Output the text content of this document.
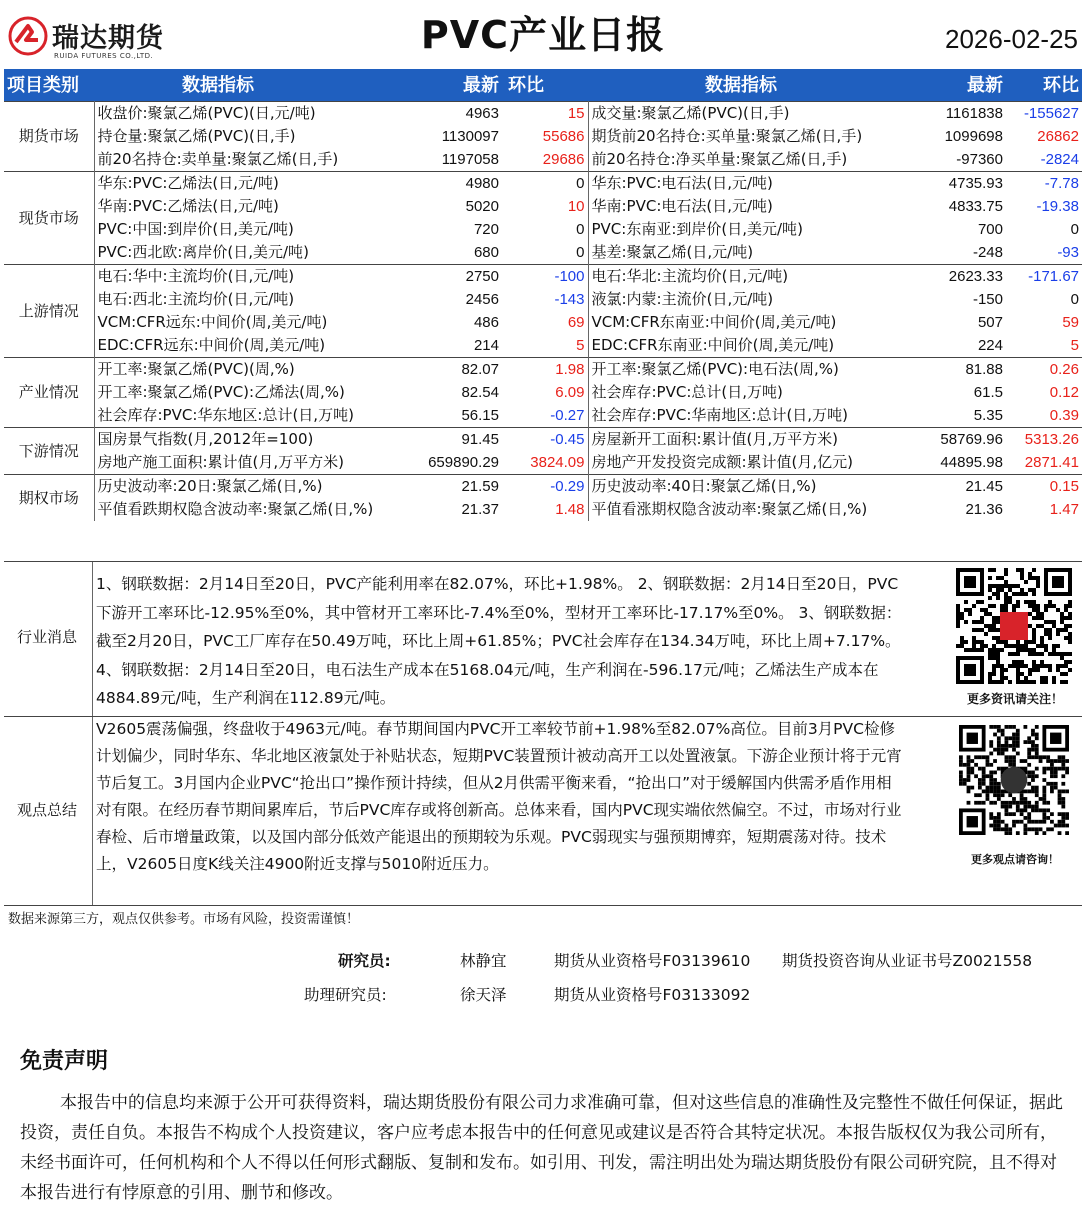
瑞达期货
RUIDA FUTURES CO.,LTD.	PVC产业日报	2026-02-25
项目类别	数据指标	最新	环比	数据指标	最新	环比
期货市场	收盘价:聚氯乙烯(PVC)(日,元/吨)	4963	15	成交量:聚氯乙烯(PVC)(日,手)	1161838	-155627
	持仓量:聚氯乙烯(PVC)(日,手)	1130097	55686	期货前20名持仓:买单量:聚氯乙烯(日,手)	1099698	26862
	前20名持仓:卖单量:聚氯乙烯(日,手)	1197058	29686	前20名持仓:净买单量:聚氯乙烯(日,手)	-97360	-2824
现货市场	华东:PVC:乙烯法(日,元/吨)	4980	0	华东:PVC:电石法(日,元/吨)	4735.93	-7.78
	华南:PVC:乙烯法(日,元/吨)	5020	10	华南:PVC:电石法(日,元/吨)	4833.75	-19.38
	PVC:中国:到岸价(日,美元/吨)	720	0	PVC:东南亚:到岸价(日,美元/吨)	700	0
	PVC:西北欧:离岸价(日,美元/吨)	680	0	基差:聚氯乙烯(日,元/吨)	-248	-93
上游情况	电石:华中:主流均价(日,元/吨)	2750	-100	电石:华北:主流均价(日,元/吨)	2623.33	-171.67
	电石:西北:主流均价(日,元/吨)	2456	-143	液氯:内蒙:主流价(日,元/吨)	-150	0
	VCM:CFR远东:中间价(周,美元/吨)	486	69	VCM:CFR东南亚:中间价(周,美元/吨)	507	59
	EDC:CFR远东:中间价(周,美元/吨)	214	5	EDC:CFR东南亚:中间价(周,美元/吨)	224	5
产业情况	开工率:聚氯乙烯(PVC)(周,%)	82.07	1.98	开工率:聚氯乙烯(PVC):电石法(周,%)	81.88	0.26
	开工率:聚氯乙烯(PVC):乙烯法(周,%)	82.54	6.09	社会库存:PVC:总计(日,万吨)	61.5	0.12
	社会库存:PVC:华东地区:总计(日,万吨)	56.15	-0.27	社会库存:PVC:华南地区:总计(日,万吨)	5.35	0.39
下游情况	国房景气指数(月,2012年=100)	91.45	-0.45	房屋新开工面积:累计值(月,万平方米)	58769.96	5313.26
	房地产施工面积:累计值(月,万平方米)	659890.29	3824.09	房地产开发投资完成额:累计值(月,亿元)	44895.98	2871.41
期权市场	历史波动率:20日:聚氯乙烯(日,%)	21.59	-0.29	历史波动率:40日:聚氯乙烯(日,%)	21.45	0.15
	平值看跌期权隐含波动率:聚氯乙烯(日,%)	21.37	1.48	平值看涨期权隐含波动率:聚氯乙烯(日,%)	21.36	1.47
行业消息
1、钢联数据：2月14日至20日，PVC产能利用率在82.07%，环比+1.98%。 2、钢联数据：2月14日至20日，PVC下游开工率环比-12.95%至0%，其中管材开工率环比-7.4%至0%，型材开工率环比-17.17%至0%。 3、钢联数据：截至2月20日，PVC工厂库存在50.49万吨，环比上周+61.85%；PVC社会库存在134.34万吨，环比上周+7.17%。 4、钢联数据：2月14日至20日，电石法生产成本在5168.04元/吨，生产利润在-596.17元/吨；乙烯法生产成本在4884.89元/吨，生产利润在112.89元/吨。	更多资讯请关注！
观点总结
V2605震荡偏强，终盘收于4963元/吨。春节期间国内PVC开工率较节前+1.98%至82.07%高位。目前3月PVC检修计划偏少，同时华东、华北地区液氯处于补贴状态，短期PVC装置预计被动高开工以处置液氯。下游企业预计将于元宵节后复工。3月国内企业PVC“抢出口”操作预计持续，但从2月供需平衡来看，“抢出口”对于缓解国内供需矛盾作用相对有限。在经历春节期间累库后，节后PVC库存或将创新高。总体来看，国内PVC现实端依然偏空。不过，市场对行业春检、后市增量政策，以及国内部分低效产能退出的预期较为乐观。PVC弱现实与强预期博弈，短期震荡对待。技术上，V2605日度K线关注4900附近支撑与5010附近压力。	更多观点请咨询！
数据来源第三方，观点仅供参考。市场有风险，投资需谨慎！
研究员:	林静宜	期货从业资格号F03139610 期货投资咨询从业证书号Z0021558
助理研究员:	徐天泽	期货从业资格号F03133092
免责声明
本报告中的信息均来源于公开可获得资料，瑞达期货股份有限公司力求准确可靠，但对这些信息的准确性及完整性不做任何保证，据此投资，责任自负。本报告不构成个人投资建议，客户应考虑本报告中的任何意见或建议是否符合其特定状况。本报告版权仅为我公司所有，未经书面许可，任何机构和个人不得以任何形式翻版、复制和发布。如引用、刊发，需注明出处为瑞达期货股份有限公司研究院，且不得对本报告进行有悖原意的引用、删节和修改。
